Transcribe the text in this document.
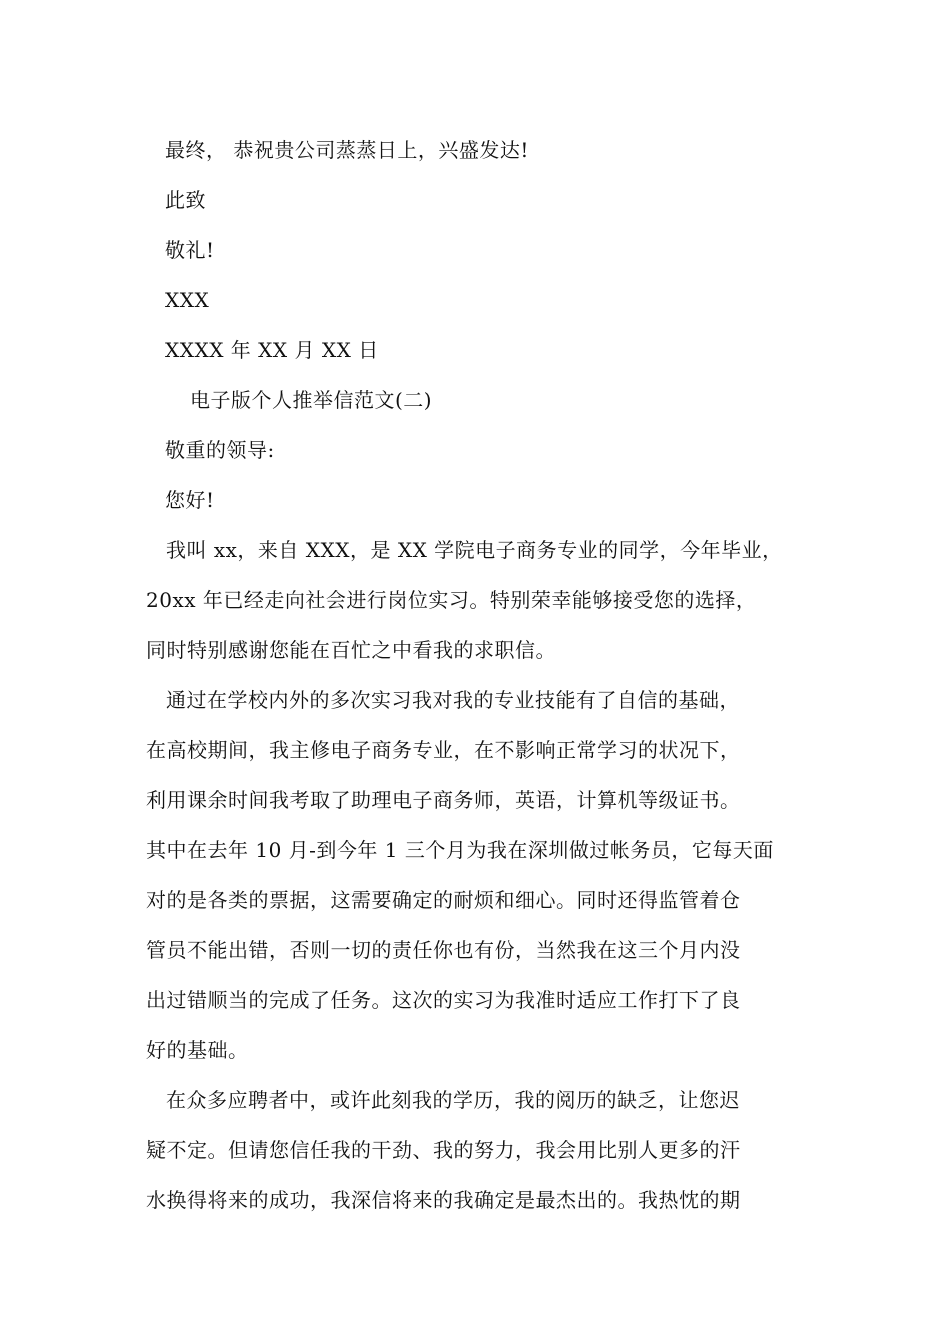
最终， 恭祝贵公司蒸蒸日上，兴盛发达!
此致
敬礼!
XXX
XXXX 年 XX 月 XX 日
电子版个人推举信范文(二)
敬重的领导:
您好!
我叫 xx，来自 XXX，是 XX 学院电子商务专业的同学，今年毕业，
20xx 年已经走向社会进行岗位实习。特别荣幸能够接受您的选择，
同时特别感谢您能在百忙之中看我的求职信。
通过在学校内外的多次实习我对我的专业技能有了自信的基础，
在高校期间，我主修电子商务专业，在不影响正常学习的状况下，
利用课余时间我考取了助理电子商务师，英语，计算机等级证书。
其中在去年 10 月-到今年 1 三个月为我在深圳做过帐务员，它每天面
对的是各类的票据，这需要确定的耐烦和细心。同时还得监管着仓
管员不能出错，否则一切的责任你也有份，当然我在这三个月内没
出过错顺当的完成了任务。这次的实习为我准时适应工作打下了良
好的基础。
在众多应聘者中，或许此刻我的学历，我的阅历的缺乏，让您迟
疑不定。但请您信任我的干劲、我的努力，我会用比别人更多的汗
水换得将来的成功，我深信将来的我确定是最杰出的。我热忱的期
